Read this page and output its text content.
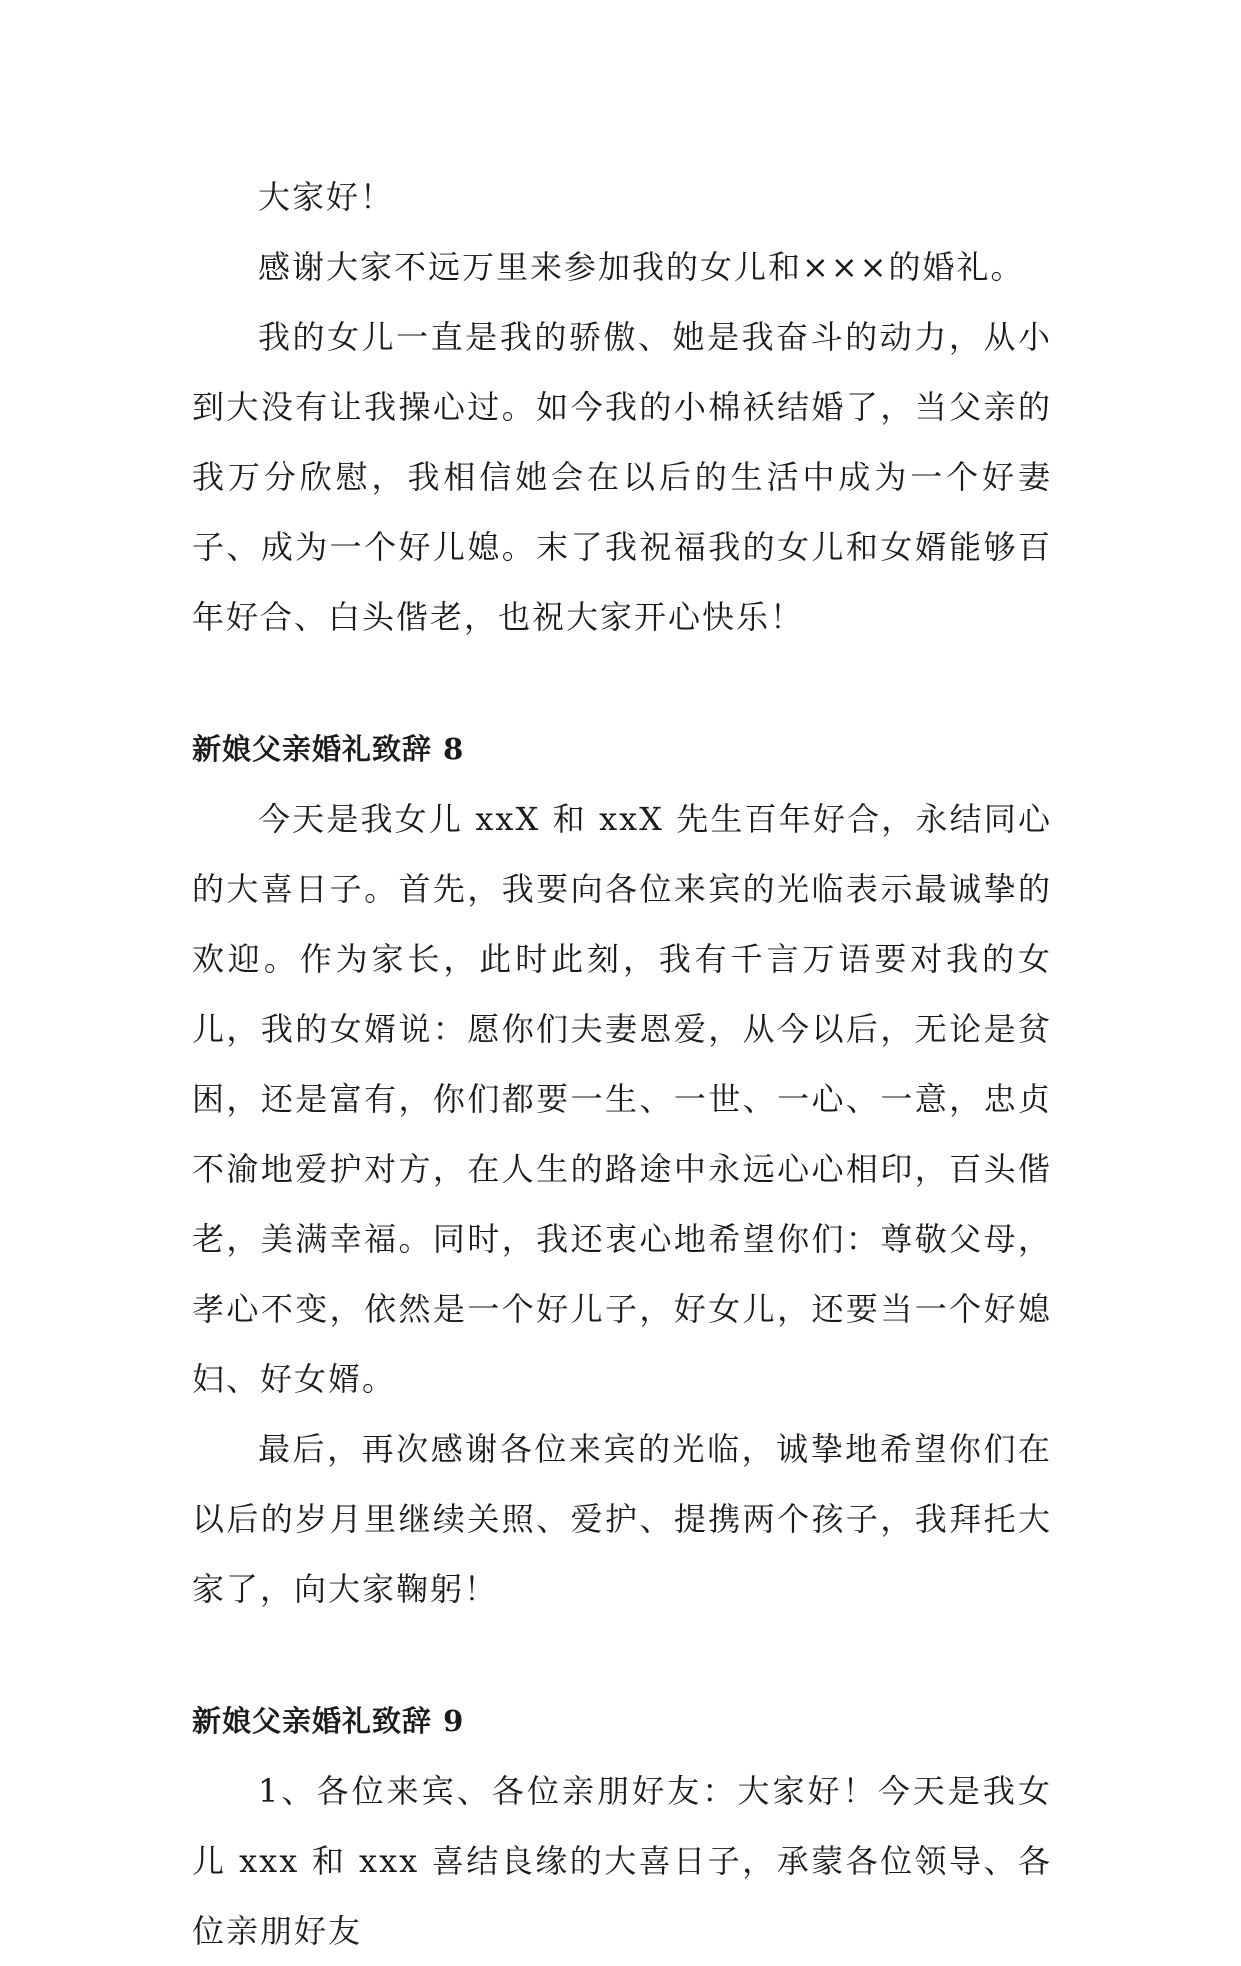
大家好！

感谢大家不远万里来参加我的女儿和×××的婚礼。

我的女儿一直是我的骄傲、她是我奋斗的动力，从小到大没有让我操心过。如今我的小棉袄结婚了，当父亲的我万分欣慰，我相信她会在以后的生活中成为一个好妻子、成为一个好儿媳。末了我祝福我的女儿和女婿能够百年好合、白头偕老，也祝大家开心快乐！

新娘父亲婚礼致辞 8

今天是我女儿 xxX 和 xxX 先生百年好合，永结同心的大喜日子。首先，我要向各位来宾的光临表示最诚挚的欢迎。作为家长，此时此刻，我有千言万语要对我的女儿，我的女婿说：愿你们夫妻恩爱，从今以后，无论是贫困，还是富有，你们都要一生、一世、一心、一意，忠贞不渝地爱护对方，在人生的路途中永远心心相印，百头偕老，美满幸福。同时，我还衷心地希望你们：尊敬父母，孝心不变，依然是一个好儿子，好女儿，还要当一个好媳妇、好女婿。

最后，再次感谢各位来宾的光临，诚挚地希望你们在以后的岁月里继续关照、爱护、提携两个孩子，我拜托大家了，向大家鞠躬！

新娘父亲婚礼致辞 9

1、各位来宾、各位亲朋好友：大家好！今天是我女儿 xxx 和 xxx 喜结良缘的大喜日子，承蒙各位领导、各位亲朋好友
